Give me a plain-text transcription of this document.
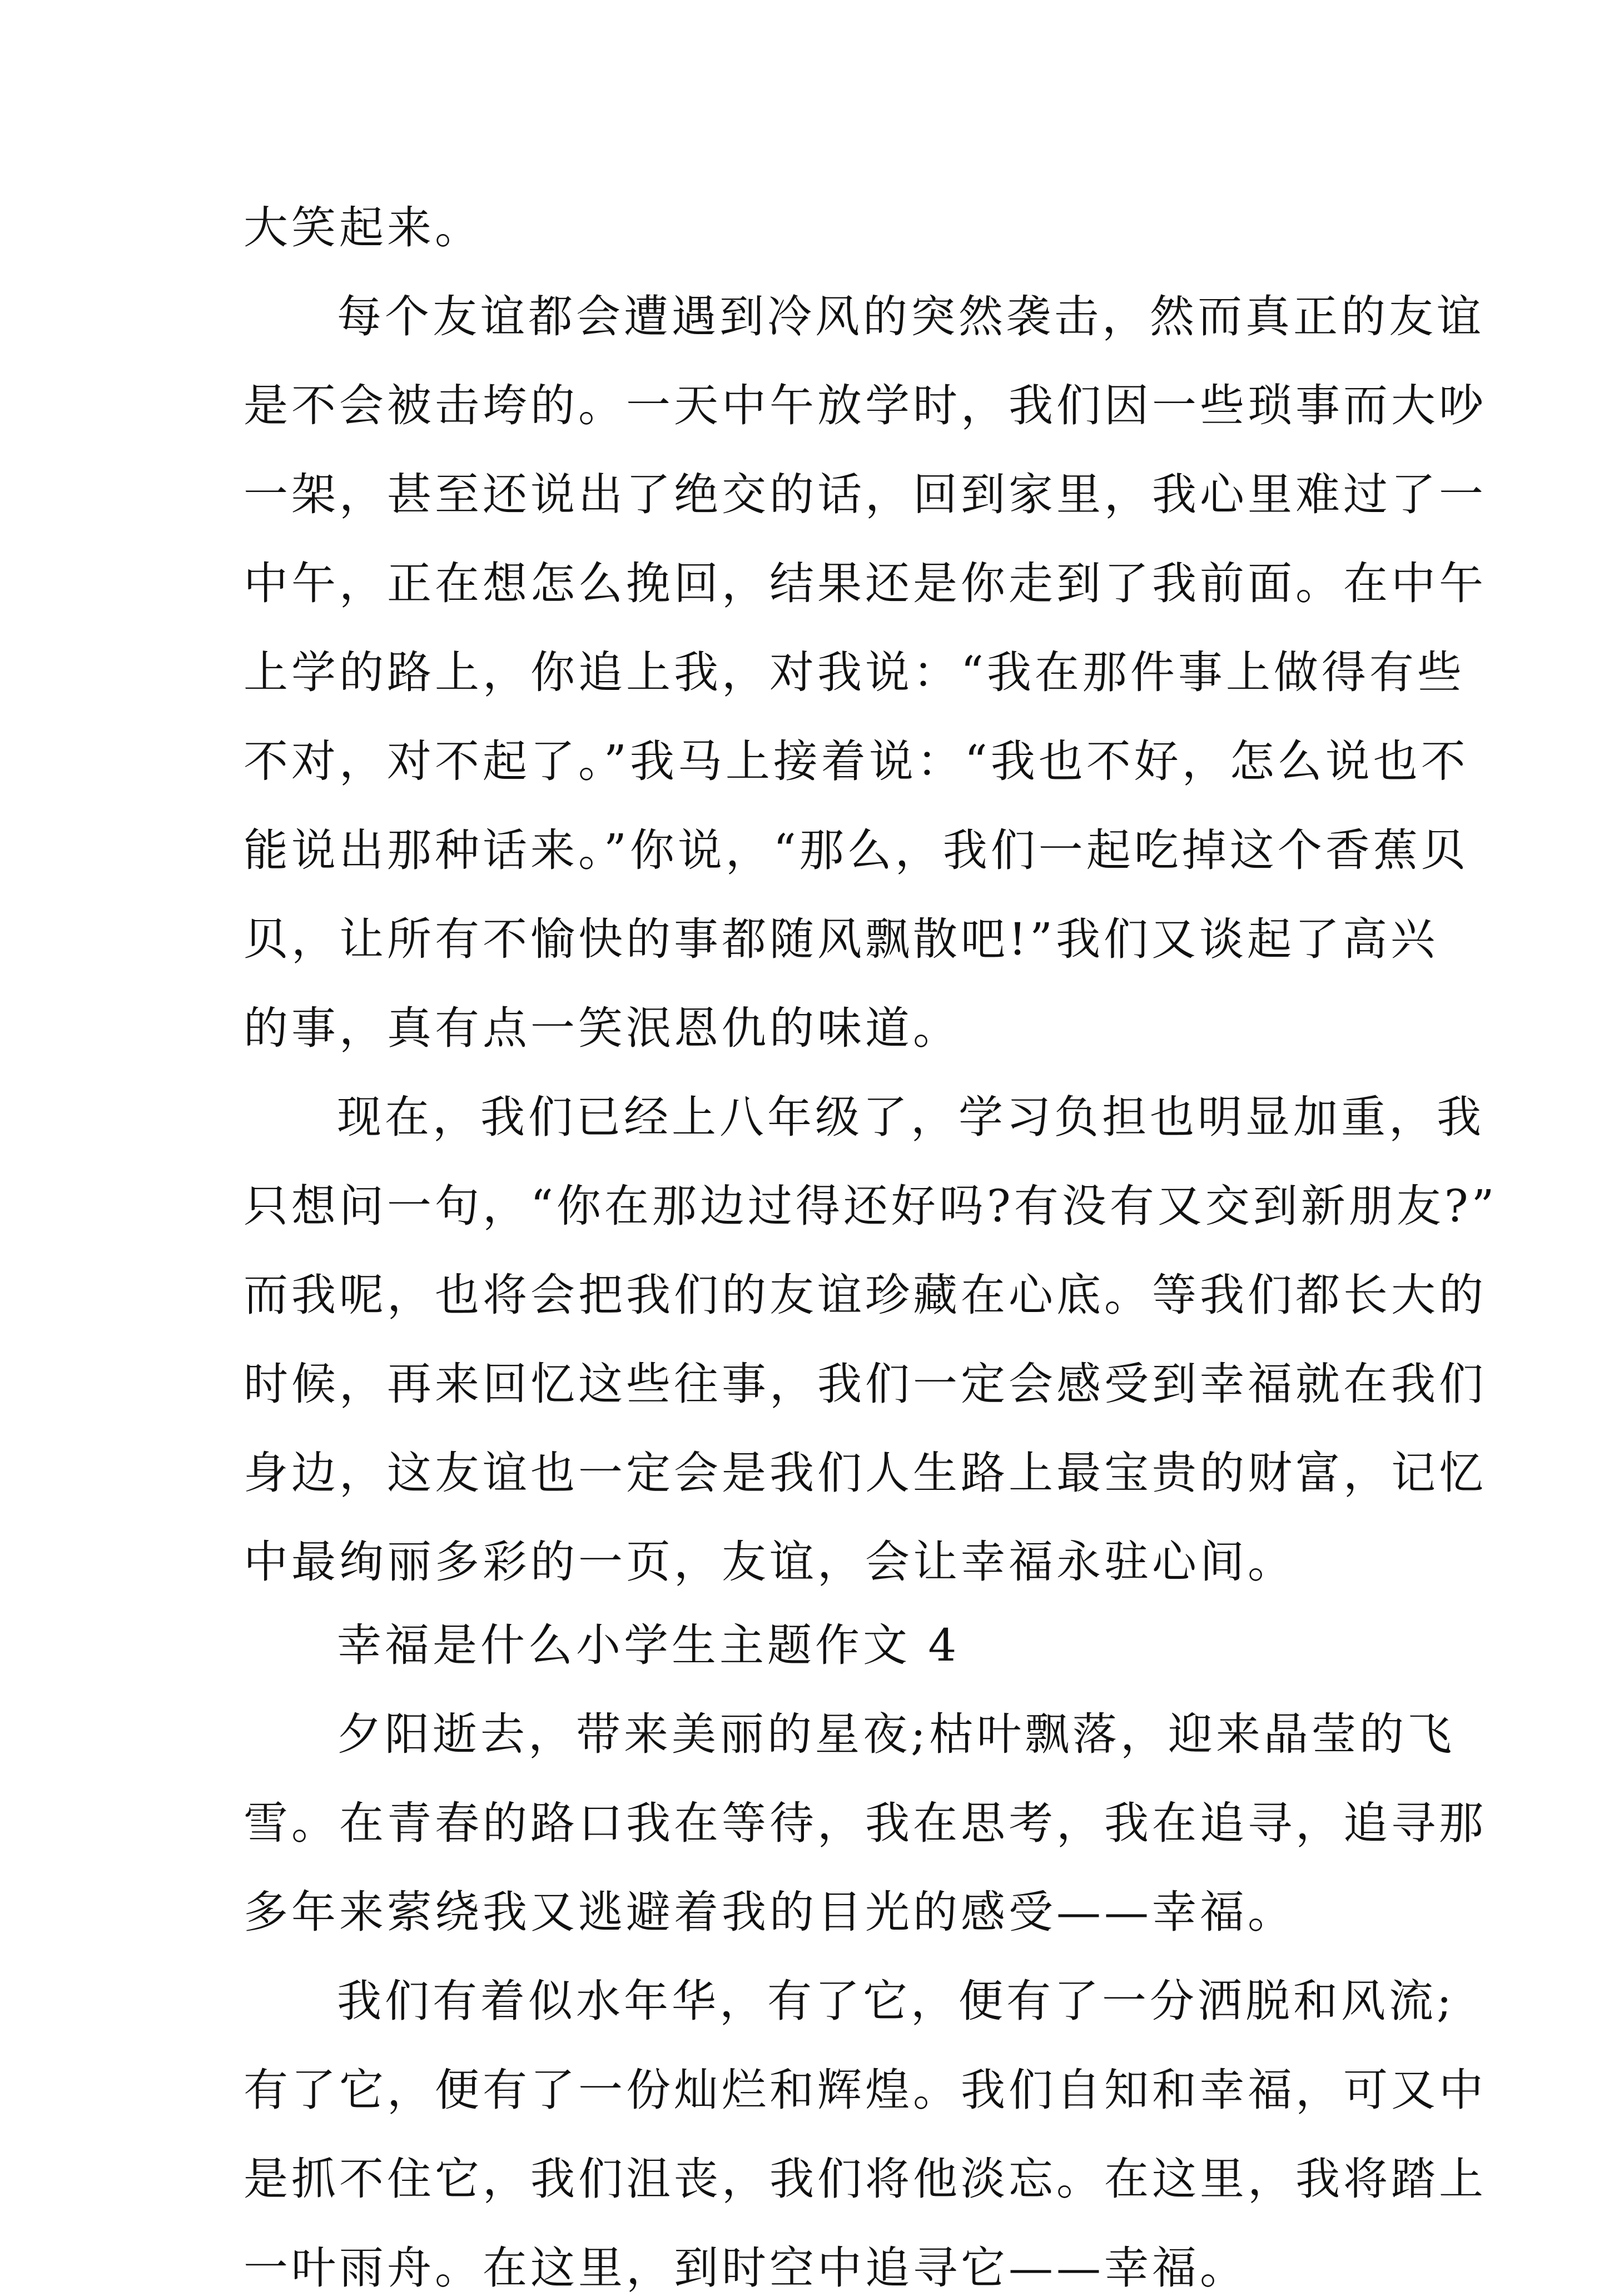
大笑起来。
每个友谊都会遭遇到冷风的突然袭击，然而真正的友谊
是不会被击垮的。一天中午放学时，我们因一些琐事而大吵
一架，甚至还说出了绝交的话，回到家里，我心里难过了一
中午，正在想怎么挽回，结果还是你走到了我前面。在中午
上学的路上，你追上我，对我说：“我在那件事上做得有些
不对，对不起了。”我马上接着说：“我也不好，怎么说也不
能说出那种话来。”你说，“那么，我们一起吃掉这个香蕉贝
贝，让所有不愉快的事都随风飘散吧!”我们又谈起了高兴
的事，真有点一笑泯恩仇的味道。
现在，我们已经上八年级了，学习负担也明显加重，我
只想问一句，“你在那边过得还好吗?有没有又交到新朋友?”
而我呢，也将会把我们的友谊珍藏在心底。等我们都长大的
时候，再来回忆这些往事，我们一定会感受到幸福就在我们
身边，这友谊也一定会是我们人生路上最宝贵的财富，记忆
中最绚丽多彩的一页，友谊，会让幸福永驻心间。
幸福是什么小学生主题作文 4
夕阳逝去，带来美丽的星夜;枯叶飘落，迎来晶莹的飞
雪。在青春的路口我在等待，我在思考，我在追寻，追寻那
多年来萦绕我又逃避着我的目光的感受——幸福。
我们有着似水年华，有了它，便有了一分洒脱和风流;
有了它，便有了一份灿烂和辉煌。我们自知和幸福，可又中
是抓不住它，我们沮丧，我们将他淡忘。在这里，我将踏上
一叶雨舟。在这里，到时空中追寻它——幸福。
